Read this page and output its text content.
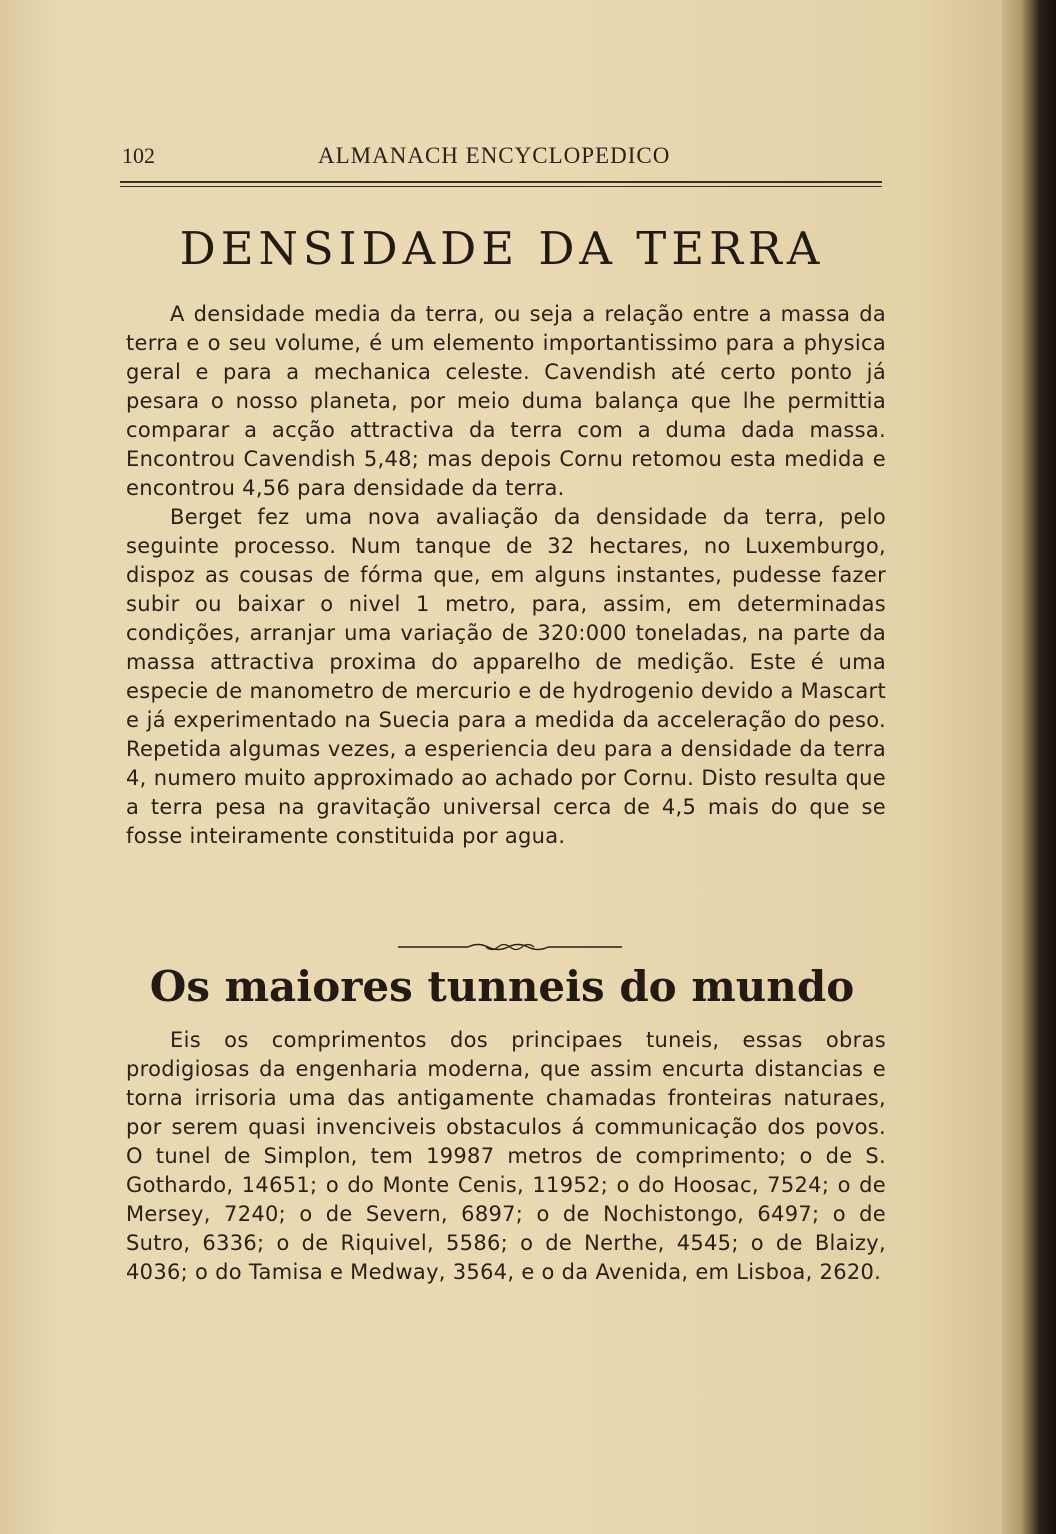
102	ALMANACH ENCYCLOPEDICO
DENSIDADE DA TERRA

A densidade media da terra, ou seja a relação entre a massa da terra e o seu volume, é um elemento importantissimo para a physica geral e para a mechanica celeste. Cavendish até certo ponto já pesara o nosso planeta, por meio duma balança que lhe permittia comparar a acção attractiva da terra com a duma dada massa. Encontrou Cavendish 5,48; mas depois Cornu retomou esta medida e encontrou 4,56 para densidade da terra.

Berget fez uma nova avaliação da densidade da terra, pelo seguinte processo. Num tanque de 32 hectares, no Luxemburgo, dispoz as cousas de fórma que, em alguns instantes, pudesse fazer subir ou baixar o nivel 1 metro, para, assim, em determinadas condições, arranjar uma variação de 320:000 toneladas, na parte da massa attractiva proxima do apparelho de medição. Este é uma especie de manometro de mercurio e de hydrogenio devido a Mascart e já experimentado na Suecia para a medida da acceleração do peso. Repetida algumas vezes, a esperiencia deu para a densidade da terra 4, numero muito approximado ao achado por Cornu. Disto resulta que a terra pesa na gravitação universal cerca de 4,5 mais do que se fosse inteiramente constituida por agua.

Os maiores tunneis do mundo

Eis os comprimentos dos principaes tuneis, essas obras prodigiosas da engenharia moderna, que assim encurta distancias e torna irrisoria uma das antigamente chamadas fronteiras naturaes, por serem quasi invenciveis obstaculos á communicação dos povos. O tunel de Simplon, tem 19987 metros de comprimento; o de S. Gothardo, 14651; o do Monte Cenis, 11952; o do Hoosac, 7524; o de Mersey, 7240; o de Severn, 6897; o de Nochistongo, 6497; o de Sutro, 6336; o de Riquivel, 5586; o de Nerthe, 4545; o de Blaizy, 4036; o do Tamisa e Medway, 3564, e o da Avenida, em Lisboa, 2620.
